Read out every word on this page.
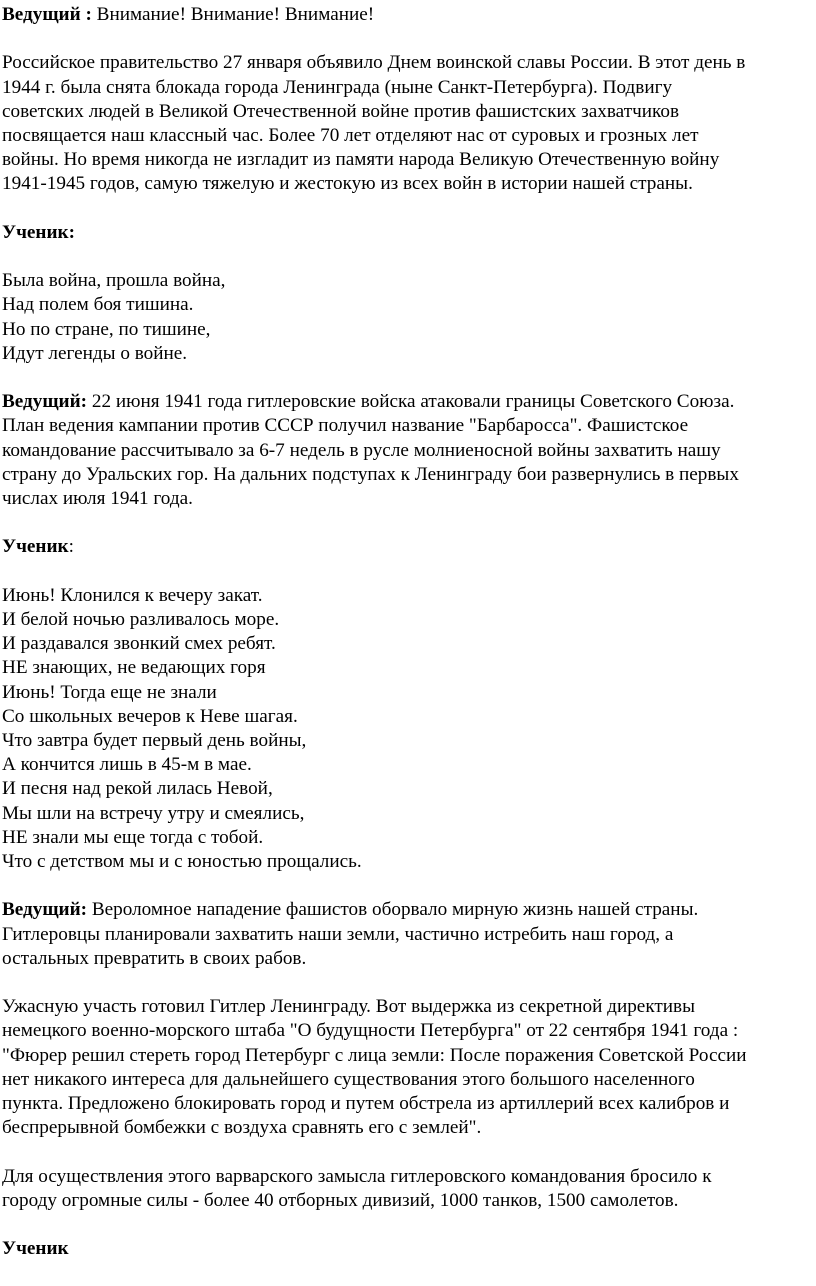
Ведущий : Внимание! Внимание! Внимание!
Российское правительство 27 января объявило Днем воинской славы России. В этот день в
1944 г. была снята блокада города Ленинграда (ныне Санкт-Петербурга). Подвигу
советских людей в Великой Отечественной войне против фашистских захватчиков
посвящается наш классный час. Более 70 лет отделяют нас от суровых и грозных лет
войны. Но время никогда не изгладит из памяти народа Великую Отечественную войну
1941-1945 годов, самую тяжелую и жестокую из всех войн в истории нашей страны.
Ученик:
Была война, прошла война,
Над полем боя тишина.
Но по стране, по тишине,
Идут легенды о войне.
Ведущий: 22 июня 1941 года гитлеровские войска атаковали границы Советского Союза.
План ведения кампании против СССР получил название "Барбаросса". Фашистское
командование рассчитывало за 6-7 недель в русле молниеносной войны захватить нашу
страну до Уральских гор. На дальних подступах к Ленинграду бои развернулись в первых
числах июля 1941 года.
Ученик:
Июнь! Клонился к вечеру закат.
И белой ночью разливалось море.
И раздавался звонкий смех ребят.
НЕ знающих, не ведающих горя
Июнь! Тогда еще не знали
Со школьных вечеров к Неве шагая.
Что завтра будет первый день войны,
А кончится лишь в 45-м в мае.
И песня над рекой лилась Невой,
Мы шли на встречу утру и смеялись,
НЕ знали мы еще тогда с тобой.
Что с детством мы и с юностью прощались.
Ведущий: Вероломное нападение фашистов оборвало мирную жизнь нашей страны.
Гитлеровцы планировали захватить наши земли, частично истребить наш город, а
остальных превратить в своих рабов.
Ужасную участь готовил Гитлер Ленинграду. Вот выдержка из секретной директивы
немецкого военно-морского штаба "О будущности Петербурга" от 22 сентября 1941 года :
"Фюрер решил стереть город Петербург с лица земли: После поражения Советской России
нет никакого интереса для дальнейшего существования этого большого населенного
пункта. Предложено блокировать город и путем обстрела из артиллерий всех калибров и
беспрерывной бомбежки с воздуха сравнять его с землей".
Для осуществления этого варварского замысла гитлеровского командования бросило к
городу огромные силы - более 40 отборных дивизий, 1000 танков, 1500 самолетов.
Ученик
